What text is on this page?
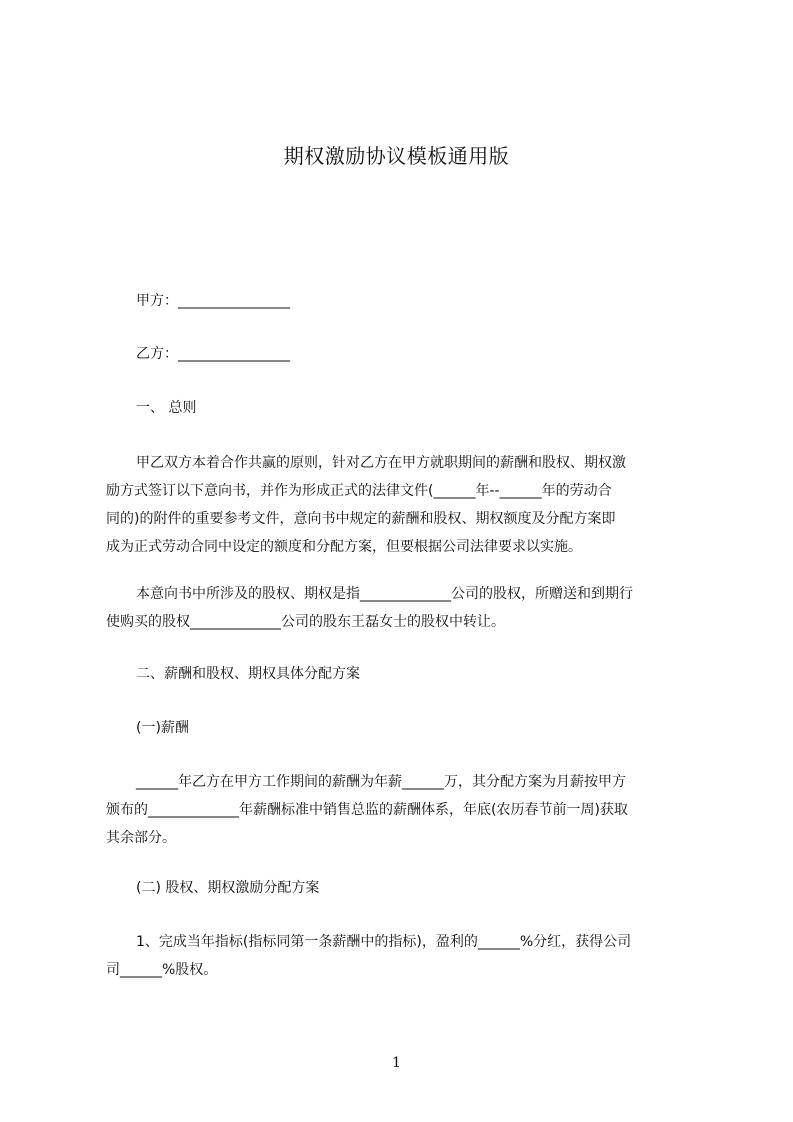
期权激励协议模板通用版
甲方：________________
乙方：________________
一、 总则
甲乙双方本着合作共赢的原则，针对乙方在甲方就职期间的薪酬和股权、期权激
励方式签订以下意向书，并作为形成正式的法律文件(______年--______年的劳动合
同的)的附件的重要参考文件，意向书中规定的薪酬和股权、期权额度及分配方案即
成为正式劳动合同中设定的额度和分配方案，但要根据公司法律要求以实施。
本意向书中所涉及的股权、期权是指_____________公司的股权，所赠送和到期行
使购买的股权_____________公司的股东王磊女士的股权中转让。
二、薪酬和股权、期权具体分配方案
(一)薪酬
______年乙方在甲方工作期间的薪酬为年薪______万，其分配方案为月薪按甲方
颁布的_____________年薪酬标准中销售总监的薪酬体系，年底(农历春节前一周)获取
其余部分。
(二) 股权、期权激励分配方案
1、完成当年指标(指标同第一条薪酬中的指标)，盈利的______%分红，获得公司
司______%股权。
1
